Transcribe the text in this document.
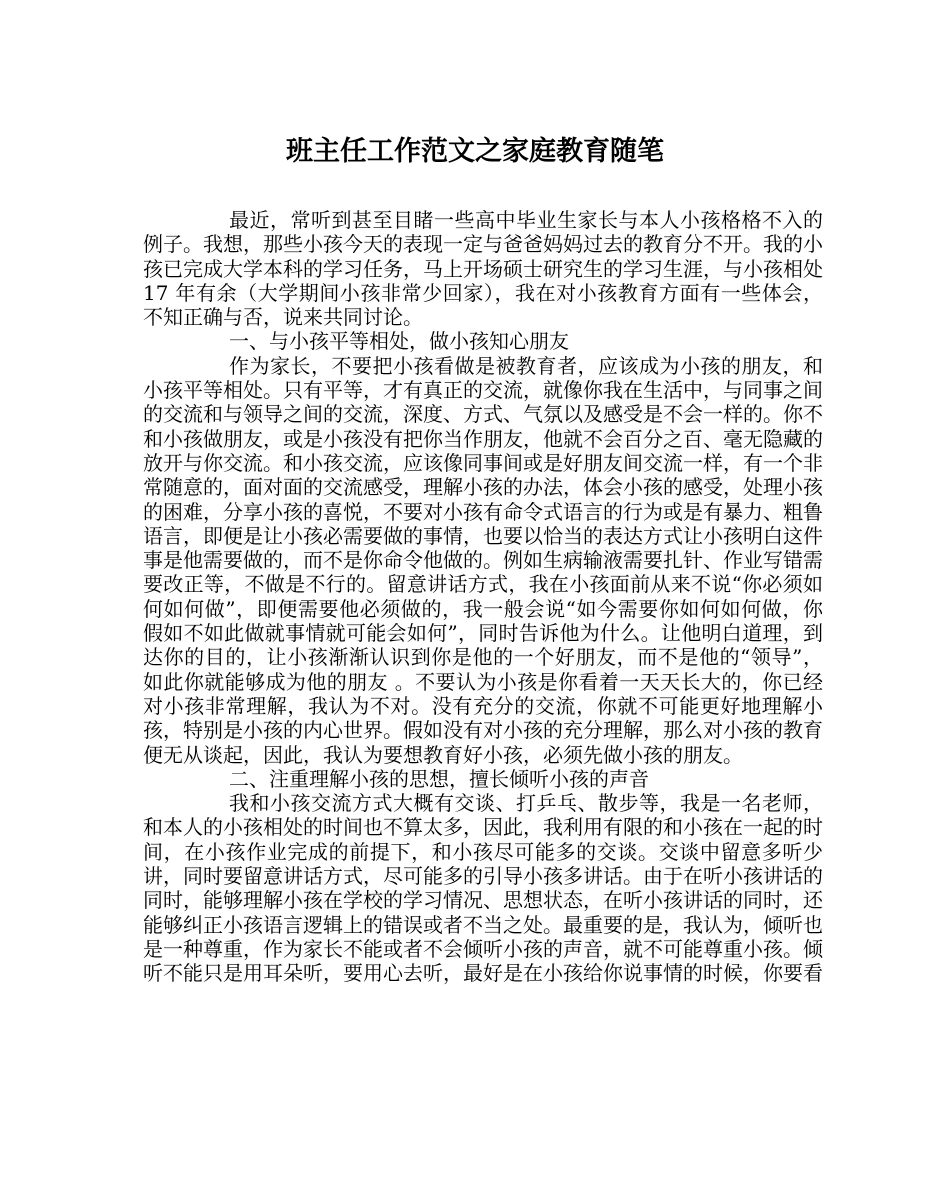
班主任工作范文之家庭教育随笔

最近，常听到甚至目睹一些高中毕业生家长与本人小孩格格不入的例子。我想，那些小孩今天的表现一定与爸爸妈妈过去的教育分不开。我的小孩已完成大学本科的学习任务，马上开场硕士研究生的学习生涯，与小孩相处 17 年有余（大学期间小孩非常少回家），我在对小孩教育方面有一些体会，不知正确与否，说来共同讨论。

一、与小孩平等相处，做小孩知心朋友

作为家长，不要把小孩看做是被教育者，应该成为小孩的朋友，和小孩平等相处。只有平等，才有真正的交流，就像你我在生活中，与同事之间的交流和与领导之间的交流，深度、方式、气氛以及感受是不会一样的。你不和小孩做朋友，或是小孩没有把你当作朋友，他就不会百分之百、毫无隐藏的放开与你交流。和小孩交流，应该像同事间或是好朋友间交流一样，有一个非常随意的，面对面的交流感受，理解小孩的办法，体会小孩的感受，处理小孩的困难，分享小孩的喜悦，不要对小孩有命令式语言的行为或是有暴力、粗鲁语言，即便是让小孩必需要做的事情，也要以恰当的表达方式让小孩明白这件事是他需要做的，而不是你命令他做的。例如生病输液需要扎针、作业写错需要改正等，不做是不行的。留意讲话方式，我在小孩面前从来不说“你必须如何如何做”，即便需要他必须做的，我一般会说“如今需要你如何如何做，你假如不如此做就事情就可能会如何”，同时告诉他为什么。让他明白道理，到达你的目的，让小孩渐渐认识到你是他的一个好朋友，而不是他的“领导”，如此你就能够成为他的朋友 。不要认为小孩是你看着一天天长大的，你已经对小孩非常理解，我认为不对。没有充分的交流，你就不可能更好地理解小孩，特别是小孩的内心世界。假如没有对小孩的充分理解，那么对小孩的教育便无从谈起，因此，我认为要想教育好小孩，必须先做小孩的朋友。

二、注重理解小孩的思想，擅长倾听小孩的声音

我和小孩交流方式大概有交谈、打乒乓、散步等，我是一名老师，和本人的小孩相处的时间也不算太多，因此，我利用有限的和小孩在一起的时间，在小孩作业完成的前提下，和小孩尽可能多的交谈。交谈中留意多听少讲，同时要留意讲话方式，尽可能多的引导小孩多讲话。由于在听小孩讲话的同时，能够理解小孩在学校的学习情况、思想状态，在听小孩讲话的同时，还能够纠正小孩语言逻辑上的错误或者不当之处。最重要的是，我认为，倾听也是一种尊重，作为家长不能或者不会倾听小孩的声音，就不可能尊重小孩。倾听不能只是用耳朵听，要用心去听，最好是在小孩给你说事情的时候，你要看
